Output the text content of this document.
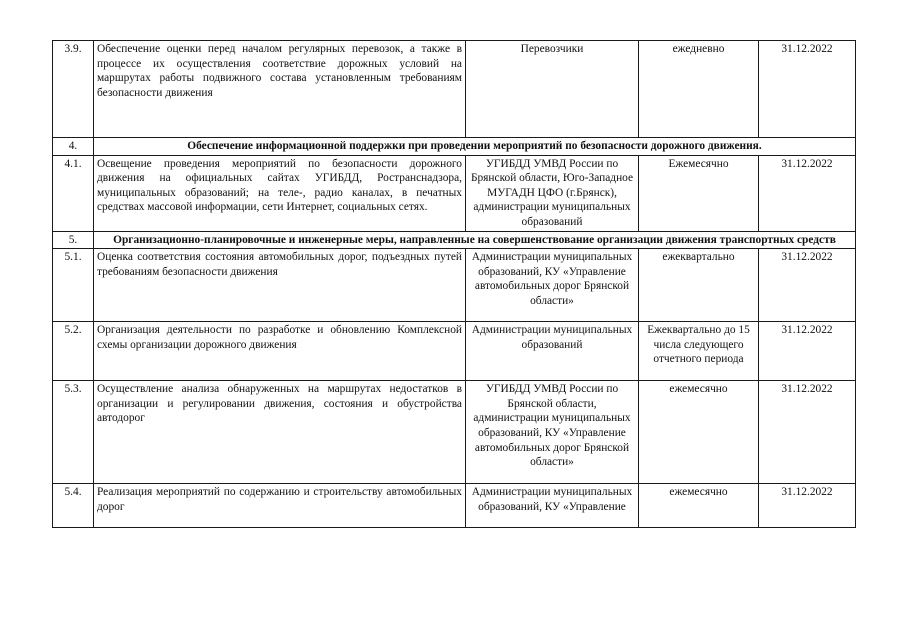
3.9.	Обеспечение оценки перед началом регулярных перевозок, а также в процессе их осуществления соответствие дорожных условий на маршрутах работы подвижного состава установленным требованиям безопасности движения	Перевозчики	ежедневно	31.12.2022
4.	Обеспечение информационной поддержки при проведении мероприятий по безопасности дорожного движения.			
4.1.	Освещение проведения мероприятий по безопасности дорожного движения на официальных сайтах УГИБДД, Ространснадзора, муниципальных образований; на теле-, радио каналах, в печатных средствах массовой информации, сети Интернет, социальных сетях.	УГИБДД УМВД России по Брянской области, Юго-Западное МУГАДН ЦФО (г.Брянск), администрации муниципальных образований	Ежемесячно	31.12.2022
5.	Организационно-планировочные и инженерные меры, направленные на совершенствование организации движения транспортных средств			
5.1.	Оценка соответствия состояния автомобильных дорог, подъездных путей требованиям безопасности движения	Администрации муниципальных образований, КУ «Управление автомобильных дорог Брянской области»	ежеквартально	31.12.2022
5.2.	Организация деятельности по разработке и обновлению Комплексной схемы организации дорожного движения	Администрации муниципальных образований	Ежеквартально до 15 числа следующего отчетного периода	31.12.2022
5.3.	Осуществление анализа обнаруженных на маршрутах недостатков в организации и регулировании движения, состояния и обустройства автодорог	УГИБДД УМВД России по Брянской области, администрации муниципальных образований, КУ «Управление автомобильных дорог Брянской области»	ежемесячно	31.12.2022
5.4.	Реализация мероприятий по содержанию и строительству автомобильных дорог	Администрации муниципальных образований, КУ «Управление	ежемесячно	31.12.2022
